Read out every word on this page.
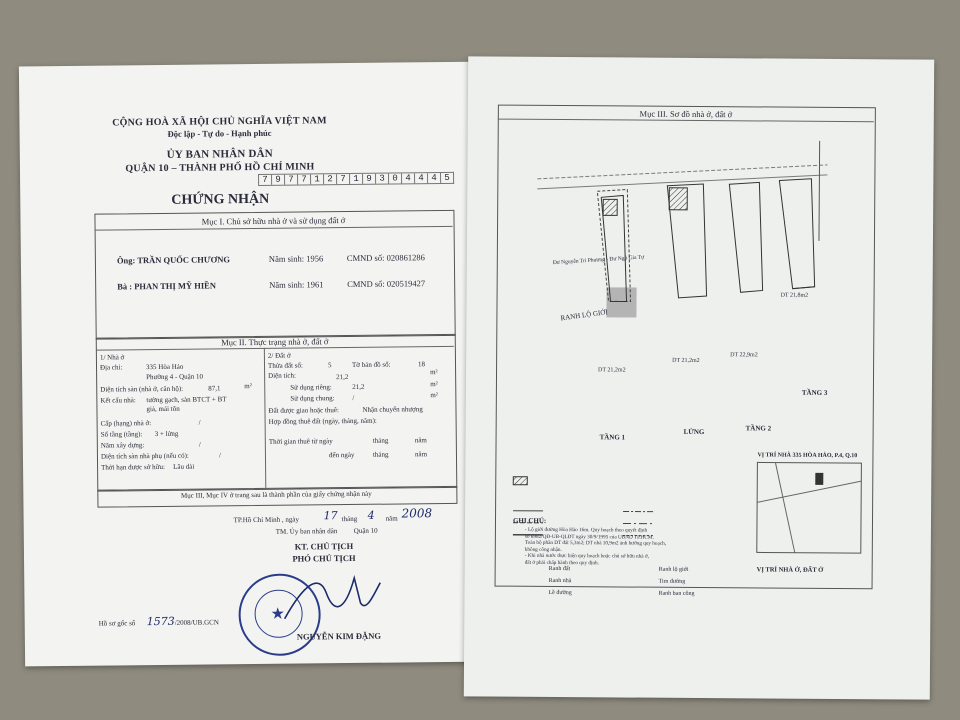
CỘNG HOÀ XÃ HỘI CHỦ NGHĨA VIỆT NAM
Độc lập - Tự do - Hạnh phúc
ỦY BAN NHÂN DÂN
QUẬN 10 – THÀNH PHỐ HỒ CHÍ MINH
7 9 7 7 1 2 7 1 9 3 0 4 4 4 5
CHỨNG NHẬN
Mục I. Chủ sở hữu nhà ở và sử dụng đất ở
Ông: TRẦN QUỐC CHƯƠNG	Năm sinh: 1956	CMND số: 020861286
Bà : PHAN THỊ MỸ HIỀN	Năm sinh: 1961	CMND số: 020519427
Mục II. Thực trạng nhà ở, đất ở
1/ Nhà ở
Địa chỉ:	335 Hòa Hảo
Phường 4 - Quận 10
Diện tích sàn (nhà ở, căn hộ):	87,1	m²
Kết cấu nhà: tường gạch, sàn BTCT + BT
giả, mái tôn
Cấp (hạng) nhà ở:	/
Số tầng (tầng): 3 + lửng
Năm xây dựng:	/
Diện tích sàn nhà phụ (nếu có):	/
Thời hạn được sở hữu: Lâu dài
2/ Đất ở
Thửa đất số:	5	Tờ bản đồ số:	18
Diện tích:	21,2
m²
Sử dụng riêng:	21,2	m²
Sử dụng chung:	/	m²
Đất được giao hoặc thuê:	Nhận chuyển nhượng
Hợp đồng thuê đất (ngày, tháng, năm):
Thời gian thuê từ ngày	tháng	năm
đến ngày	tháng	năm
Mục III, Mục IV ở trang sau là thành phần của giấy chứng nhận này
TP.Hồ Chí Minh , ngày 17 tháng 4 năm 2008
TM. Ủy ban nhân dân Quận 10
KT. CHỦ TỊCH
PHÓ CHỦ TỊCH
★
NGUYỄN KIM ĐẶNG
Hồ sơ gốc số 1573 /2008/UB.GCN
Mục III. Sơ đồ nhà ở, đất ở
RANH LỘ GIỚI
Đư Nguyễn Tri Phương - Đư Ngô Gia Tự
DT 21,2m2
TẦNG 1
DT 21,2m2
LỬNG
DT 22,9m2
TẦNG 2
DT 21,8m2
TẦNG 3
VỊ TRÍ NHÀ 335 HÒA HẢO, P.4, Q.10
VỊ TRÍ NHÀ Ở, ĐẤT Ở
GHI CHÚ:
- Lộ giới đường Hòa Hảo 16m. Quy hoạch theo quyết định
số 6982/QĐ-UB-QLĐT ngày 30/9/1995 của UBND TP.HCM.
Toàn bộ phần DT đất 5,3m2; DT nhà 10,9m2 ảnh hưởng quy hoạch,
không công nhận.
- Khi nhà nước thực hiện quy hoạch hoặc chủ sở hữu nhà ở,
đất ở phải chấp hành theo quy định.
Ranh đất	Ranh lộ giới
Ranh nhà	Tim đường
Lề đường	Ranh ban công
